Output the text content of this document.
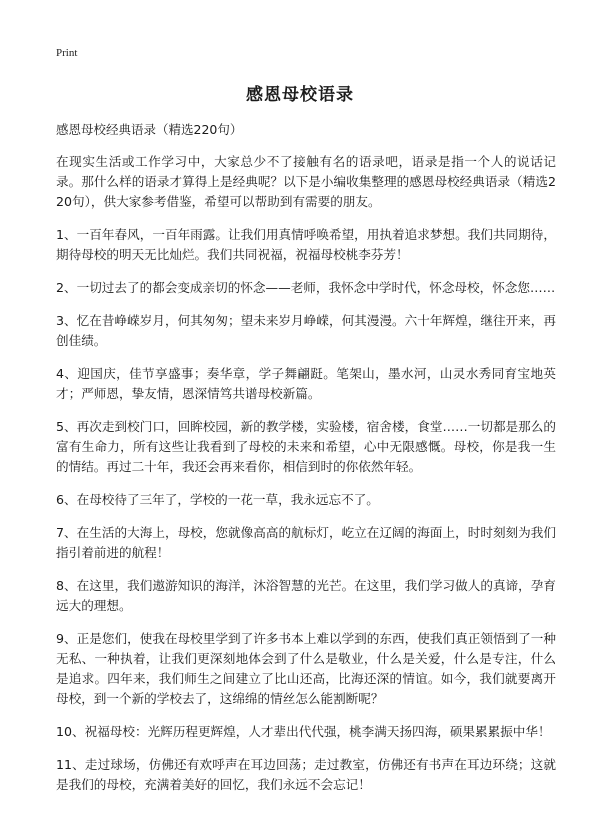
Print
感恩母校语录

感恩母校经典语录（精选220句）

在现实生活或工作学习中，大家总少不了接触有名的语录吧，语录是指一个人的说话记录。那什么样的语录才算得上是经典呢？以下是小编收集整理的感恩母校经典语录（精选220句），供大家参考借鉴，希望可以帮助到有需要的朋友。

1、一百年春风，一百年雨露。让我们用真情呼唤希望，用执着追求梦想。我们共同期待，期待母校的明天无比灿烂。我们共同祝福，祝福母校桃李芬芳！

2、一切过去了的都会变成亲切的怀念——老师，我怀念中学时代，怀念母校，怀念您……

3、忆在昔峥嵘岁月，何其匆匆；望未来岁月峥嵘，何其漫漫。六十年辉煌，继往开来，再创佳绩。

4、迎国庆，佳节享盛事；奏华章，学子舞翩跹。笔架山，墨水河，山灵水秀同育宝地英才；严师恩，挚友情，恩深情笃共谱母校新篇。

5、再次走到校门口，回眸校园，新的教学楼，实验楼，宿舍楼，食堂……一切都是那么的富有生命力，所有这些让我看到了母校的未来和希望，心中无限感慨。母校，你是我一生的情结。再过二十年，我还会再来看你，相信到时的你依然年轻。

6、在母校待了三年了，学校的一花一草，我永远忘不了。

7、在生活的大海上，母校，您就像高高的航标灯，屹立在辽阔的海面上，时时刻刻为我们指引着前进的航程！

8、在这里，我们遨游知识的海洋，沐浴智慧的光芒。在这里，我们学习做人的真谛，孕育远大的理想。

9、正是您们，使我在母校里学到了许多书本上难以学到的东西，使我们真正领悟到了一种无私、一种执着，让我们更深刻地体会到了什么是敬业，什么是关爱，什么是专注，什么是追求。四年来，我们师生之间建立了比山还高，比海还深的情谊。如今，我们就要离开母校，到一个新的学校去了，这绵绵的情丝怎么能割断呢？

10、祝福母校：光辉历程更辉煌，人才辈出代代强，桃李满天扬四海，硕果累累振中华！

11、走过球场，仿佛还有欢呼声在耳边回荡；走过教室，仿佛还有书声在耳边环绕；这就是我们的母校，充满着美好的回忆，我们永远不会忘记！
